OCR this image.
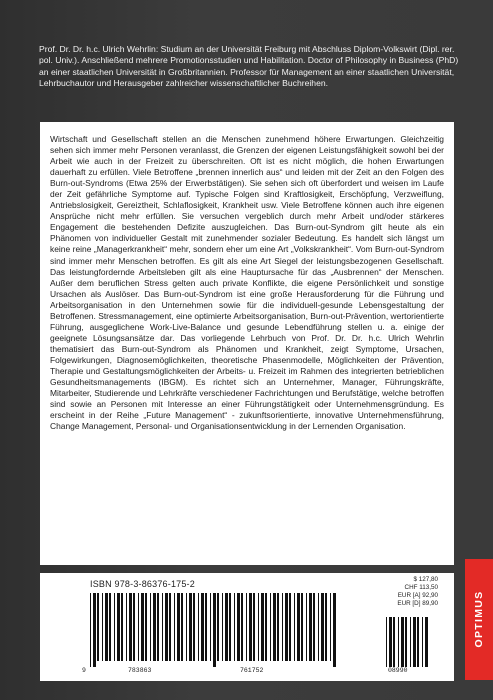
Prof. Dr. Dr. h.c. Ulrich Wehrlin: Studium an der Universität Freiburg mit Abschluss Diplom-Volkswirt (Dipl. rer. pol. Univ.). Anschließend mehrere Promotionsstudien und Habilitation. Doctor of Philosophy in Business (PhD) an einer staatlichen Universität in Großbritannien. Professor für Management an einer staatlichen Universität, Lehrbuchautor und Herausgeber zahlreicher wissenschaftlicher Buchreihen.

Wirtschaft und Gesellschaft stellen an die Menschen zunehmend höhere Erwartungen. Gleichzeitig sehen sich immer mehr Personen veranlasst, die Grenzen der eigenen Leistungsfähigkeit sowohl bei der Arbeit wie auch in der Freizeit zu überschreiten. Oft ist es nicht möglich, die hohen Erwartungen dauerhaft zu erfüllen. Viele Betroffene „brennen innerlich aus“ und leiden mit der Zeit an den Folgen des Burn-out-Syndroms (Etwa 25% der Erwerbstätigen). Sie sehen sich oft überfordert und weisen im Laufe der Zeit gefährliche Symptome auf. Typische Folgen sind Kraftlosigkeit, Erschöpfung, Verzweiflung, Antriebslosigkeit, Gereiztheit, Schlaflosigkeit, Krankheit usw. Viele Betroffene können auch ihre eigenen Ansprüche nicht mehr erfüllen. Sie versuchen vergeblich durch mehr Arbeit und/oder stärkeres Engagement die bestehenden Defizite auszugleichen. Das Burn-out-Syndrom gilt heute als ein Phänomen von individueller Gestalt mit zunehmender sozialer Bedeutung. Es handelt sich längst um keine reine „Managerkrankheit“ mehr, sondern eher um eine Art „Volkskrankheit“. Vom Burn-out-Syndrom sind immer mehr Menschen betroffen. Es gilt als eine Art Siegel der leistungsbezogenen Gesellschaft. Das leistungfordernde Arbeitsleben gilt als eine Hauptursache für das „Ausbrennen“ der Menschen. Außer dem beruflichen Stress gelten auch private Konflikte, die eigene Persönlichkeit und sonstige Ursachen als Auslöser. Das Burn-out-Syndrom ist eine große Herausforderung für die Führung und Arbeitsorganisation in den Unternehmen sowie für die individuell-gesunde Lebensgestaltung der Betroffenen. Stressmanagement, eine optimierte Arbeitsorganisation, Burn-out-Prävention, wertorientierte Führung, ausgeglichene Work-Live-Balance und gesunde Lebendführung stellen u. a. einige der geeignete Lösungsansätze dar. Das vorliegende Lehrbuch von Prof. Dr. Dr. h.c. Ulrich Wehrlin thematisiert das Burn-out-Syndrom als Phänomen und Krankheit, zeigt Symptome, Ursachen, Folgewirkungen, Diagnosemöglichkeiten, theoretische Phasenmodelle, Möglichkeiten der Prävention, Therapie und Gestaltungsmöglichkeiten der Arbeits- u. Freizeit im Rahmen des integrierten betrieblichen Gesundheitsmanagements (IBGM). Es richtet sich an Unternehmer, Manager, Führungskräfte, Mitarbeiter, Studierende und Lehrkräfte verschiedener Fachrichtungen und Berufstätige, welche betroffen sind sowie an Personen mit Interesse an einer Führungstätigkeit oder Unternehmensgründung. Es erscheint in der Reihe „Future Management“ - zukunftsorientierte, innovative Unternehmensführung, Change Management, Personal- und Organisationsentwicklung in der Lernenden Organisation.

ISBN 978-3-86376-175-2
9	783863	761752	08990
$ 127,80
CHF 113,50
EUR [A] 92,90
EUR [D] 89,90	OPTIMUS
